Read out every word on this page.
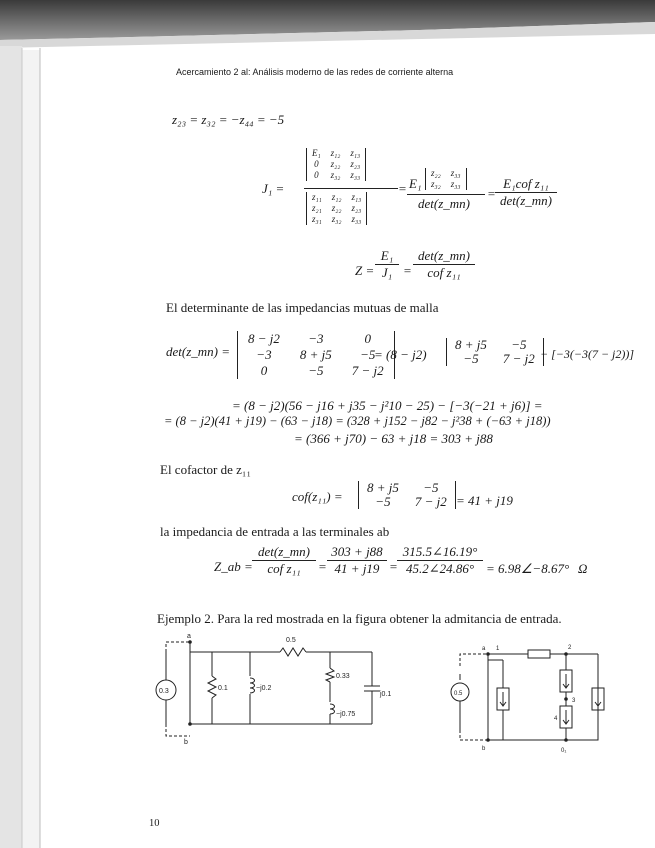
Acercamiento 2 al: Análisis moderno de las redes de corriente alterna
z₂₃ = z₃₂ = −z₄₄ = −5
J₁ =
E₁	z₁₂	z₁₃
0	z₂₂	z₂₃
0	z₃₂	z₃₃
z₁₁	z₁₂	z₁₃
z₂₁	z₂₂	z₂₃
z₃₁	z₃₂	z₃₃
= E₁
z₂₂	z₃₃
z₃₂	z₃₃
det(z_mn)
=
E₁cof z₁₁
det(z_mn)
$Z = \frac{\text{E₁}}{\text{J₁}}$ =
det(z_mn)
cof z₁₁
El determinante de las impedancias mutuas de malla
det(z_mn) =
8 − j2	−3	0
−3	8 + j5	−5
0	−5	7 − j2
= (8 − j2)
8 + j5	−5
−5	7 − j2 − [−3(−3(7 − j2))]
= (8 − j2)(56 − j16 + j35 − j²10 − 25) − [−3(−21 + j6)] =
= (8 − j2)(41 + j19) − (63 − j18) = (328 + j152 − j82 − j²38 + (−63 + j18))
= (366 + j70) − 63 + j18 = 303 + j88
El cofactor de z₁₁
cof(z₁₁) =
8 + j5	−5
−5	7 − j2 = 41 + j19
la impedancia de entrada a las terminales ab
Z_ab =
det(z_mn)
cof z₁₁	= $\frac{303 + j88}{41 + j19} = \frac{315.5\angle 16.19^\circ}{45.2\angle 24.86^\circ}$ = 6.98∠−8.67° Ω
Ejemplo 2. Para la red mostrada en la figura obtener la admitancia de entrada.
a
b
0.3	0.1	−j0.2
0.5
0.33
j0.1
−j0.75
a
b
0.5
1	2
3
4
0₁
10
